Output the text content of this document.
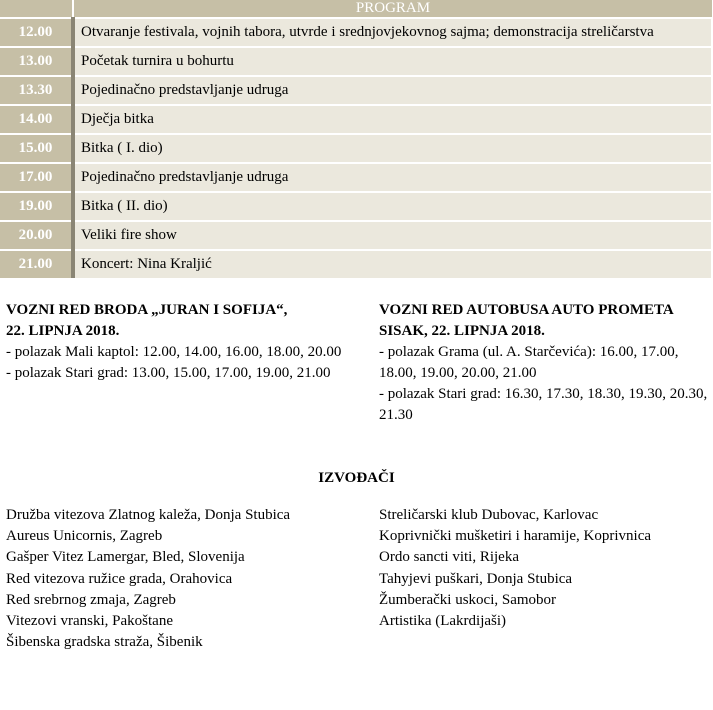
	PROGRAM
12.00	Otvaranje festivala, vojnih tabora, utvrde i srednjovjekovnog sajma; demonstracija streličarstva
13.00	Početak turnira u bohurtu
13.30	Pojedinačno predstavljanje udruga
14.00	Dječja bitka
15.00	Bitka ( I. dio)
17.00	Pojedinačno predstavljanje udruga
19.00	Bitka ( II. dio)
20.00	Veliki fire show
21.00	Koncert: Nina Kraljić
VOZNI RED BRODA „JURAN I SOFIJA“,
22. LIPNJA 2018.

- polazak Mali kaptol: 12.00, 14.00, 16.00, 18.00, 20.00

- polazak Stari grad: 13.00, 15.00, 17.00, 19.00, 21.00

VOZNI RED AUTOBUSA AUTO PROMETA
SISAK, 22. LIPNJA 2018.

- polazak Grama (ul. A. Starčevića): 16.00, 17.00, 18.00, 19.00, 20.00, 21.00

- polazak Stari grad: 16.30, 17.30, 18.30, 19.30, 20.30, 21.30

IZVOĐAČI
Družba vitezova Zlatnog kaleža, Donja Stubica
Aureus Unicornis, Zagreb
Gašper Vitez Lamergar, Bled, Slovenija
Red vitezova ružice grada, Orahovica
Red srebrnog zmaja, Zagreb
Vitezovi vranski, Pakoštane
Šibenska gradska straža, Šibenik
Streličarski klub Dubovac, Karlovac
Koprivnički mušketiri i haramije, Koprivnica
Ordo sancti viti, Rijeka
Tahyjevi puškari, Donja Stubica
Žumberački uskoci, Samobor
Artistika (Lakrdijaši)
